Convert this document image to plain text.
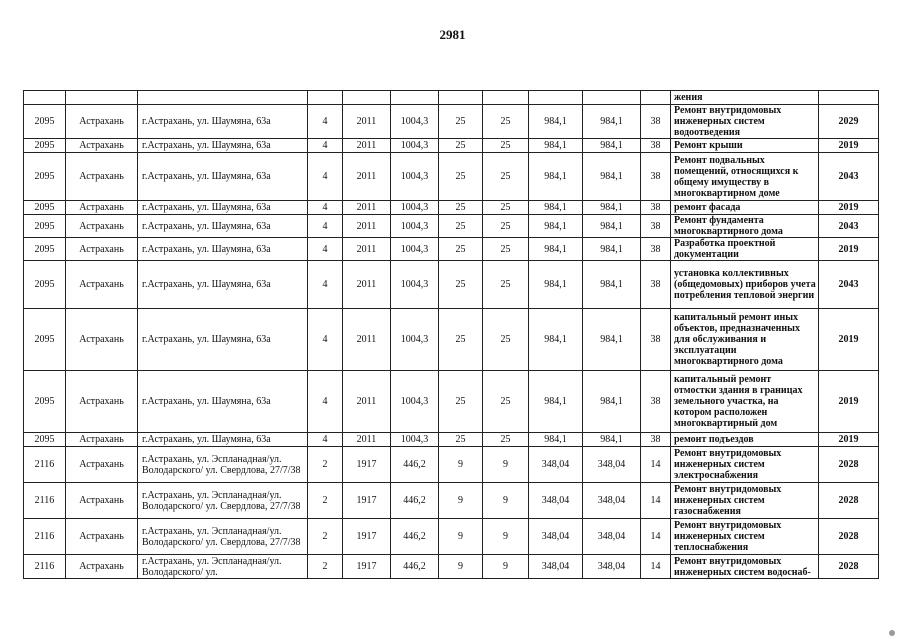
2981
											жения	
2095	Астрахань	г.Астрахань, ул. Шаумяна, 63а	4	2011	1004,3	25	25	984,1	984,1	38	Ремонт внутридомовых инженерных систем водоотведения	2029
2095	Астрахань	г.Астрахань, ул. Шаумяна, 63а	4	2011	1004,3	25	25	984,1	984,1	38	Ремонт крыши	2019
2095	Астрахань	г.Астрахань, ул. Шаумяна, 63а	4	2011	1004,3	25	25	984,1	984,1	38	Ремонт подвальных помещений, относящихся к общему имуществу в многоквартирном доме	2043
2095	Астрахань	г.Астрахань, ул. Шаумяна, 63а	4	2011	1004,3	25	25	984,1	984,1	38	ремонт фасада	2019
2095	Астрахань	г.Астрахань, ул. Шаумяна, 63а	4	2011	1004,3	25	25	984,1	984,1	38	Ремонт фундамента многоквартирного дома	2043
2095	Астрахань	г.Астрахань, ул. Шаумяна, 63а	4	2011	1004,3	25	25	984,1	984,1	38	Разработка проектной документации	2019
2095	Астрахань	г.Астрахань, ул. Шаумяна, 63а	4	2011	1004,3	25	25	984,1	984,1	38	установка коллективных (общедомовых) приборов учета потребления тепловой энергии	2043
2095	Астрахань	г.Астрахань, ул. Шаумяна, 63а	4	2011	1004,3	25	25	984,1	984,1	38	капитальный ремонт иных объектов, предназначенных для обслуживания и эксплуатации многоквартирного дома	2019
2095	Астрахань	г.Астрахань, ул. Шаумяна, 63а	4	2011	1004,3	25	25	984,1	984,1	38	капитальный ремонт отмостки здания в границах земельного участка, на котором расположен многоквартирный дом	2019
2095	Астрахань	г.Астрахань, ул. Шаумяна, 63а	4	2011	1004,3	25	25	984,1	984,1	38	ремонт подъездов	2019
2116	Астрахань	г.Астрахань, ул. Эспланадная/ул. Володарского/ ул. Свердлова, 27/7/38	2	1917	446,2	9	9	348,04	348,04	14	Ремонт внутридомовых инженерных систем электроснабжения	2028
2116	Астрахань	г.Астрахань, ул. Эспланадная/ул. Володарского/ ул. Свердлова, 27/7/38	2	1917	446,2	9	9	348,04	348,04	14	Ремонт внутридомовых инженерных систем газоснабжения	2028
2116	Астрахань	г.Астрахань, ул. Эспланадная/ул. Володарского/ ул. Свердлова, 27/7/38	2	1917	446,2	9	9	348,04	348,04	14	Ремонт внутридомовых инженерных систем теплоснабжения	2028
2116	Астрахань	г.Астрахань, ул. Эспланадная/ул. Володарского/ ул.	2	1917	446,2	9	9	348,04	348,04	14	Ремонт внутридомовых инженерных систем водоснаб-	2028
